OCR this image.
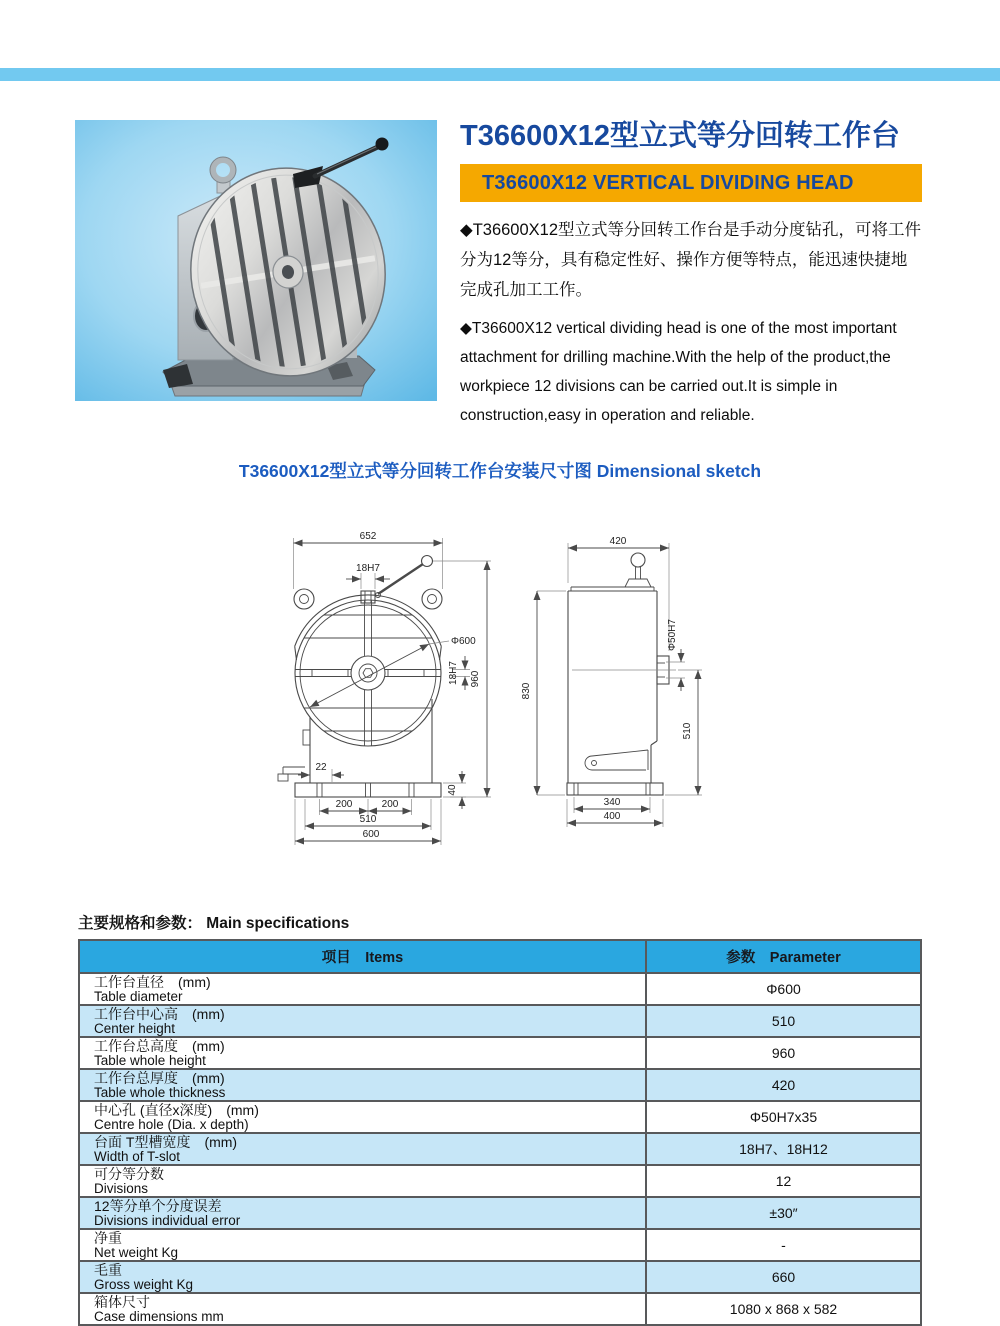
T36600X12型立式等分回转工作台
T36600X12 VERTICAL DIVIDING HEAD

◆T36600X12型立式等分回转工作台是手动分度钻孔，可将工件分为12等分，具有稳定性好、操作方便等特点，能迅速快捷地完成孔加工工作。

◆T36600X12 vertical dividing head is one of the most important attachment for drilling machine.With the help of the product,the workpiece 12 divisions can be carried out.It is simple in construction,easy in operation and reliable.

T36600X12型立式等分回转工作台安装尺寸图 Dimensional sketch
652
18H7
Φ600
18H7 960
22
40
200	200
510
600
420
Φ50H7
830
510
340
400
主要规格和参数： Main specifications
项目　Items	参数　Parameter

工作台直径　(mm)
Table diameter	Φ600

工作台中心高　(mm)
Center height	510

工作台总高度　(mm)
Table whole height	960

工作台总厚度　(mm)
Table whole thickness	420

中心孔 (直径x深度)　(mm)
Centre hole (Dia. x depth)	Φ50H7x35

台面 T型槽宽度　(mm)
Width of T-slot	18H7、18H12

可分等分数
Divisions	12

12等分单个分度误差
Divisions individual error	±30″

净重
Net weight Kg	-

毛重
Gross weight Kg	660

箱体尺寸
Case dimensions mm	1080 x 868 x 582
